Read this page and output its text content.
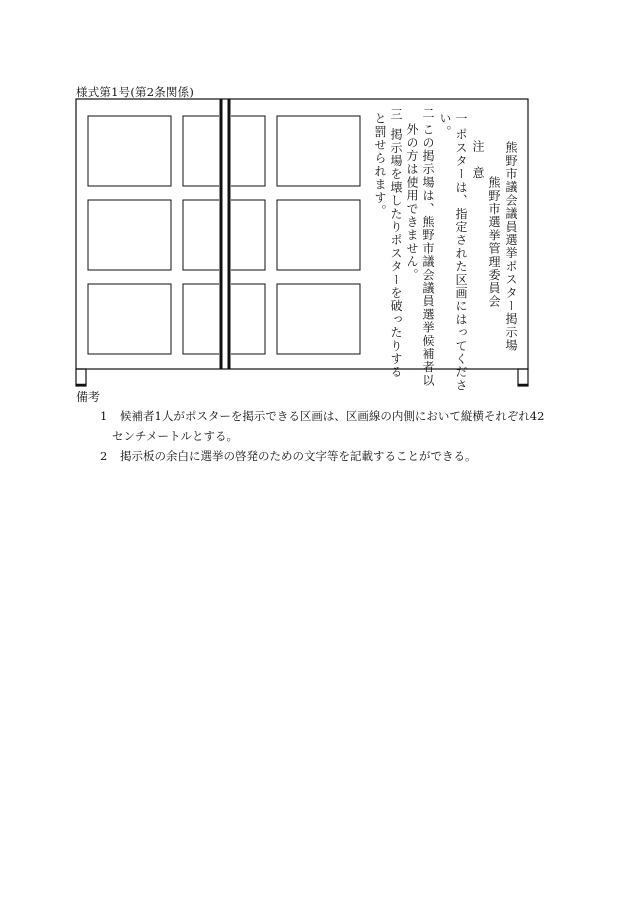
様式第1号(第2条関係)
熊野市議会議員選挙ポスター掲示場
熊野市選挙管理委員会
注　意
一
ポスターは、指定された区画にはってくださ
い。
二
この掲示場は、熊野市議会議員選挙候補者以
外の方は使用できません。
三
掲示場を壊したりポスターを破ったりする
と罰せられます。
備考
1 候補者1人がポスターを掲示できる区画は、区画線の内側において縦横それぞれ42
センチメートルとする。
2 掲示板の余白に選挙の啓発のための文字等を記載することができる。
